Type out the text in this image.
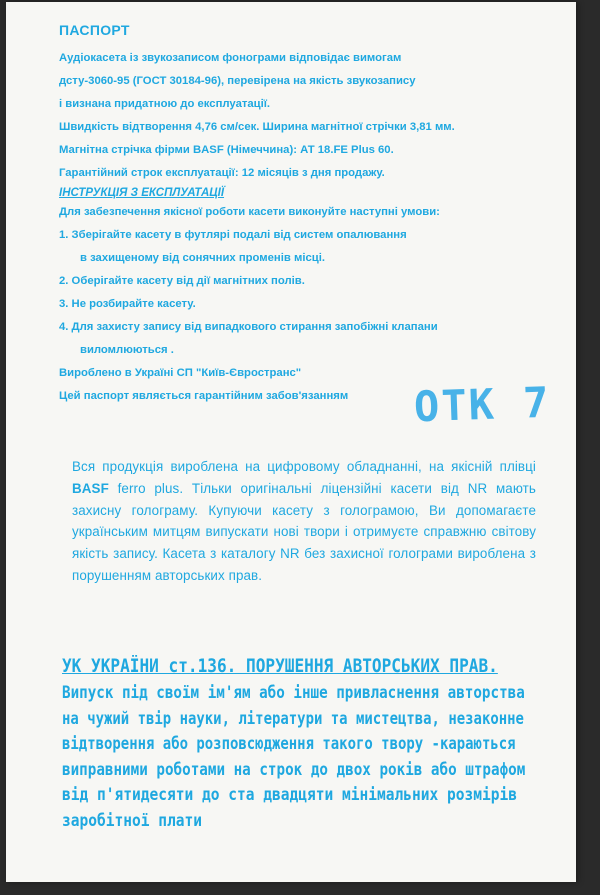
ПАСПОРТ
Аудіокасета із звукозаписом фонограми відповідає вимогам
дсту-3060-95 (ГОСТ 30184-96), перевірена на якість звукозапису
і визнана придатною до експлуатації.
Швидкість відтворення 4,76 см/сек. Ширина магнітної стрічки 3,81 мм.
Магнітна стрічка фірми BASF (Німеччина): АТ 18.FE Plus 60.
Гарантійний строк експлуатації: 12 місяців з дня продажу.
ІНСТРУКЦІЯ З ЕКСПЛУАТАЦІЇ
Для забезпечення якісної роботи касети виконуйте наступні умови:
1. Зберігайте касету в футлярі подалі від систем опалювання
в захищеному від сонячних променів місці.
2. Оберігайте касету від дії магнітних полів.
3. Не розбирайте касету.
4. Для захисту запису від випадкового стирання запобіжні клапани
виломлюються .
Вироблено в Україні СП "Київ-Євространс"
Цей паспорт являється гарантійним забов'язанням	ОТК 7
Вся продукція вироблена на цифровому обладнанні, на якісній плівці BASF ferro plus. Тільки оригінальні ліцензійні касети від NR мають захисну голограму. Купуючи касету з голограмою, Ви допомагаєте українським митцям випускати нові твори і отримуєте справжню світову якість запису. Касета з каталогу NR без захисної голограми вироблена з порушенням авторських прав.
УК УКРАЇНИ ст.136. ПОРУШЕННЯ АВТОРСЬКИХ ПРАВ.
Випуск під своїм ім'ям або інше привласнення авторства
на чужий твір науки, літератури та мистецтва, незаконне
відтворення або розповсюдження такого твору -караються
виправними роботами на строк до двох років або штрафом
від п'ятидесяти до ста двадцяти мінімальних розмірів
заробітної плати
